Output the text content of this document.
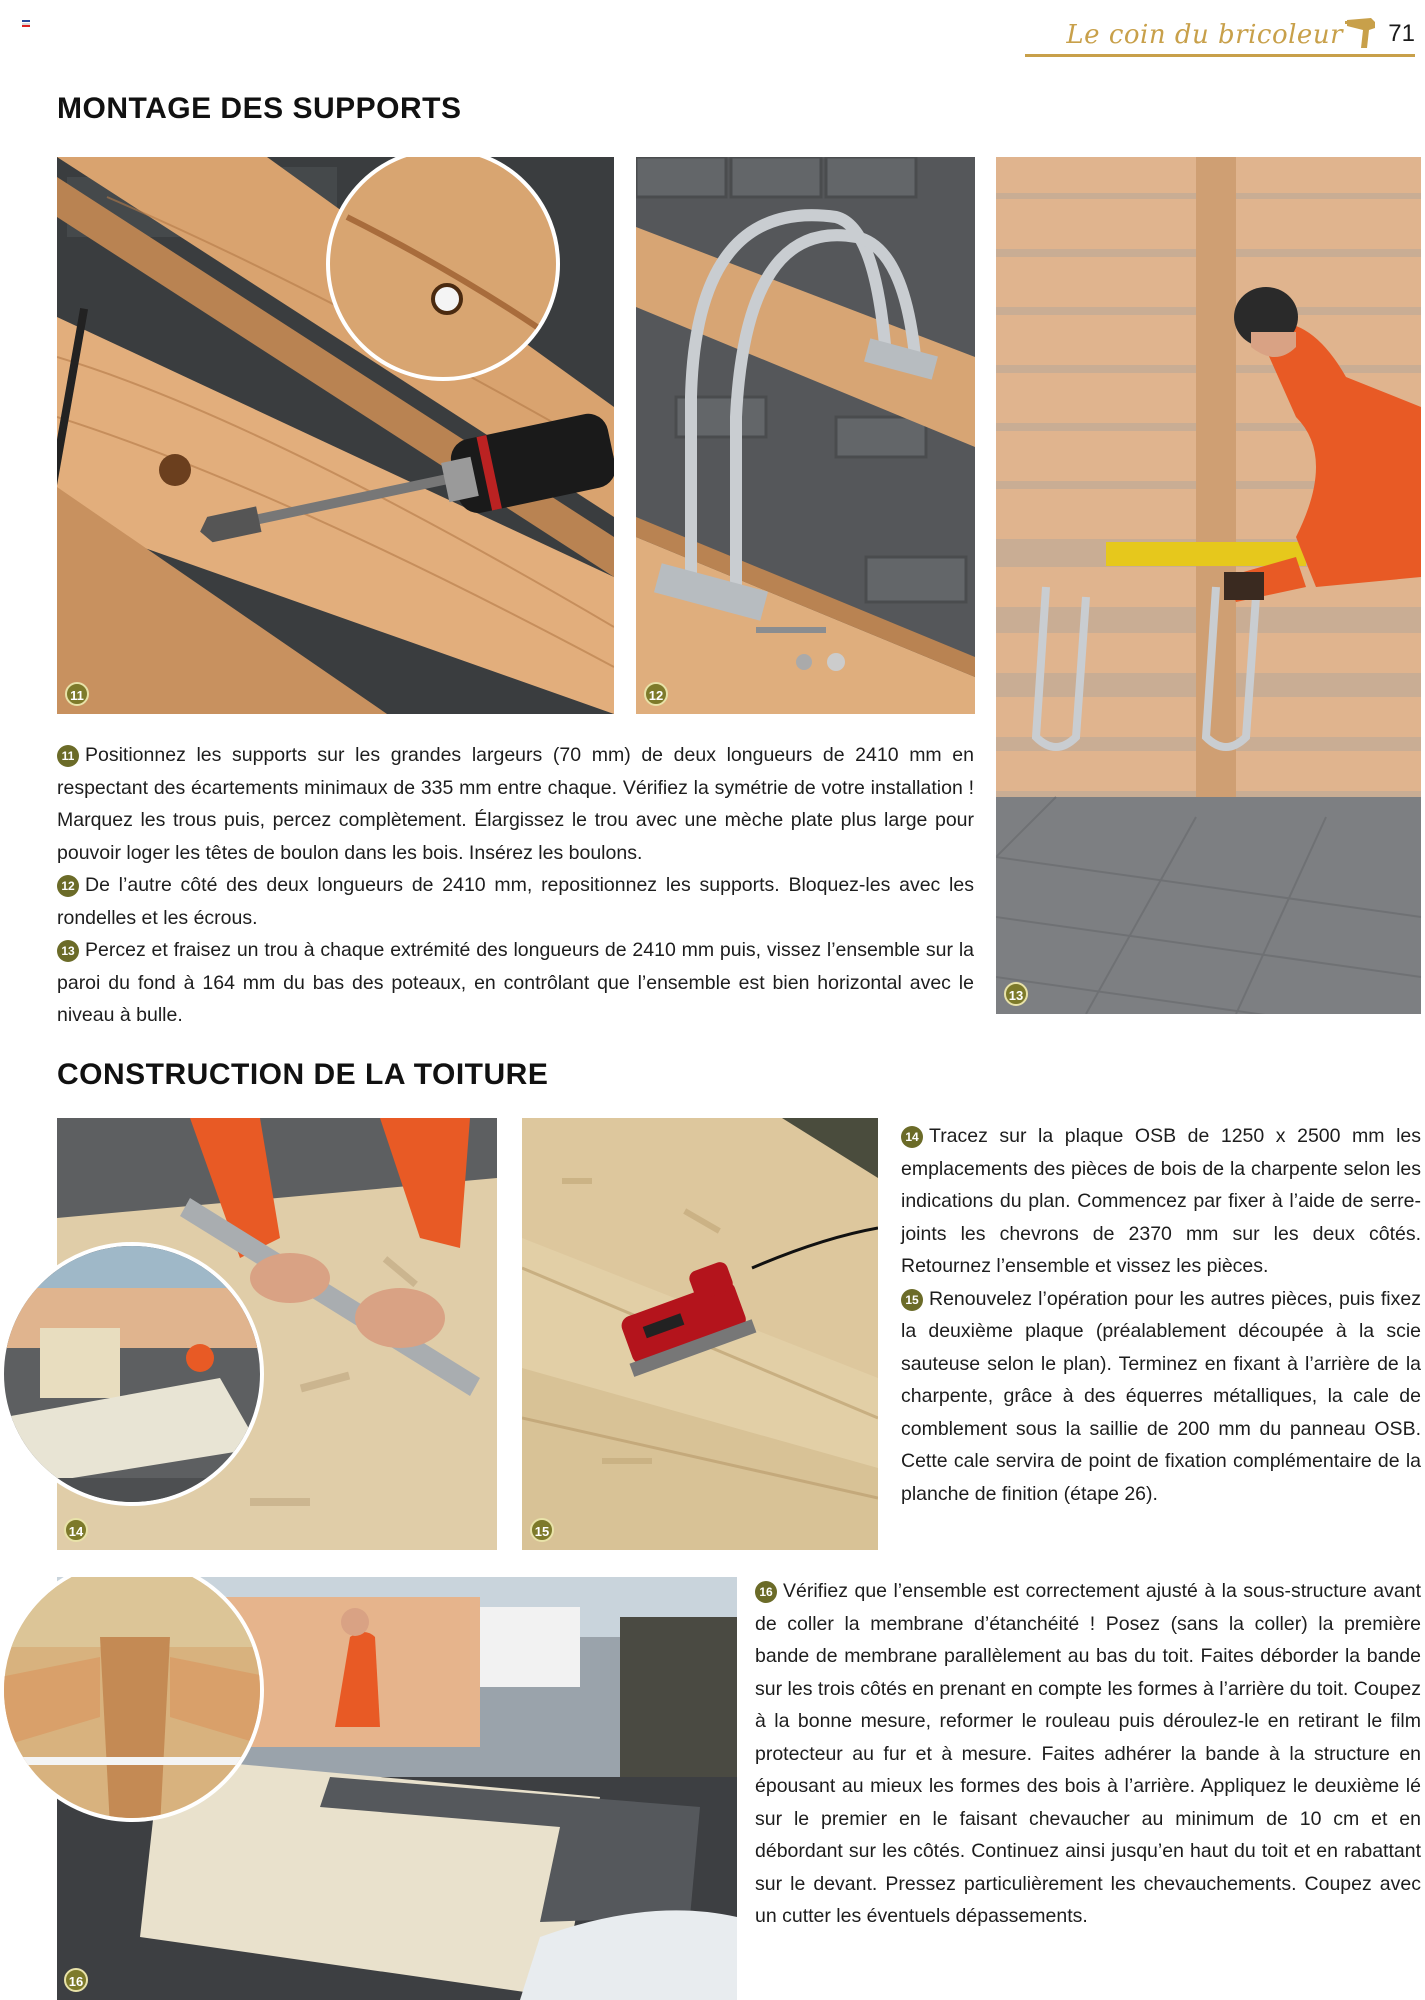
Le coin du bricoleur 71
MONTAGE DES SUPPORTS
11	12
13

11 Positionnez les supports sur les grandes largeurs (70 mm) de deux longueurs de 2410 mm en respectant des écartements minimaux de 335 mm entre chaque. Vérifiez la symétrie de votre installation ! Marquez les trous puis, percez complètement. Élargissez le trou avec une mèche plate plus large pour pouvoir loger les têtes de boulon dans les bois. Insérez les boulons.

12 De l’autre côté des deux longueurs de 2410 mm, repositionnez les supports. Bloquez-les avec les rondelles et les écrous.

13 Percez et fraisez un trou à chaque extrémité des longueurs de 2410 mm puis, vissez l’ensemble sur la paroi du fond à 164 mm du bas des poteaux, en contrôlant que l’ensemble est bien horizontal avec le niveau à bulle.

CONSTRUCTION DE LA TOITURE
14	15

14 Tracez sur la plaque OSB de 1250 x 2500 mm les emplacements des pièces de bois de la charpente selon les indications du plan. Commencez par fixer à l’aide de serre-joints les chevrons de 2370 mm sur les deux côtés. Retournez l’ensemble et vissez les pièces.

15 Renouvelez l’opération pour les autres pièces, puis fixez la deuxième plaque (préalablement découpée à la scie sauteuse selon le plan). Terminez en fixant à l’arrière de la charpente, grâce à des équerres métalliques, la cale de comblement sous la saillie de 200 mm du panneau OSB. Cette cale servira de point de fixation complémentaire de la planche de finition (étape 26).

16

16 Vérifiez que l’ensemble est correctement ajusté à la sous-structure avant de coller la membrane d’étanchéité ! Posez (sans la coller) la première bande de membrane parallèlement au bas du toit. Faites déborder la bande sur les trois côtés en prenant en compte les formes à l’arrière du toit. Coupez à la bonne mesure, reformer le rouleau puis déroulez-le en retirant le film protecteur au fur et à mesure. Faites adhérer la bande à la structure en épousant au mieux les formes des bois à l’arrière. Appliquez le deuxième lé sur le premier en le faisant chevaucher au minimum de 10 cm et en débordant sur les côtés. Continuez ainsi jusqu’en haut du toit et en rabattant sur le devant. Pressez particulièrement les chevauchements. Coupez avec un cutter les éventuels dépassements.
